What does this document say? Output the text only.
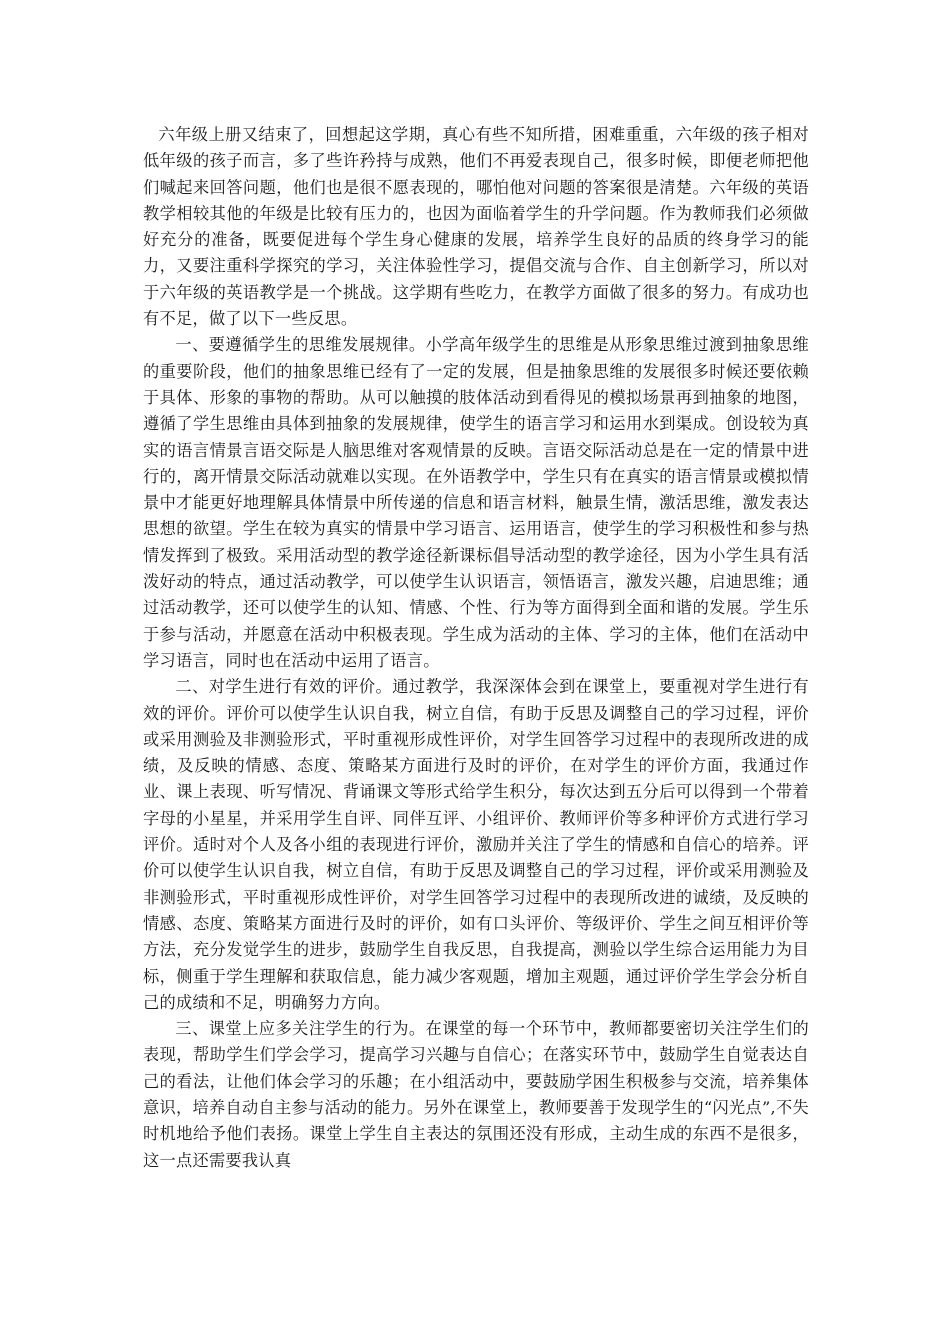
六年级上册又结束了，回想起这学期，真心有些不知所措，困难重重，六年级的孩子相对低年级的孩子而言，多了些许矜持与成熟，他们不再爱表现自己，很多时候，即便老师把他们喊起来回答问题，他们也是很不愿表现的，哪怕他对问题的答案很是清楚。六年级的英语教学相较其他的年级是比较有压力的，也因为面临着学生的升学问题。作为教师我们必须做好充分的准备，既要促进每个学生身心健康的发展，培养学生良好的品质的终身学习的能力，又要注重科学探究的学习，关注体验性学习，提倡交流与合作、自主创新学习，所以对于六年级的英语教学是一个挑战。这学期有些吃力，在教学方面做了很多的努力。有成功也有不足，做了以下一些反思。

一、要遵循学生的思维发展规律。小学高年级学生的思维是从形象思维过渡到抽象思维的重要阶段，他们的抽象思维已经有了一定的发展，但是抽象思维的发展很多时候还要依赖于具体、形象的事物的帮助。从可以触摸的肢体活动到看得见的模拟场景再到抽象的地图，遵循了学生思维由具体到抽象的发展规律，使学生的语言学习和运用水到渠成。创设较为真实的语言情景言语交际是人脑思维对客观情景的反映。言语交际活动总是在一定的情景中进行的，离开情景交际活动就难以实现。在外语教学中，学生只有在真实的语言情景或模拟情景中才能更好地理解具体情景中所传递的信息和语言材料，触景生情，激活思维，激发表达思想的欲望。学生在较为真实的情景中学习语言、运用语言，使学生的学习积极性和参与热情发挥到了极致。采用活动型的教学途径新课标倡导活动型的教学途径，因为小学生具有活泼好动的特点，通过活动教学，可以使学生认识语言，领悟语言，激发兴趣，启迪思维；通过活动教学，还可以使学生的认知、情感、个性、行为等方面得到全面和谐的发展。学生乐于参与活动，并愿意在活动中积极表现。学生成为活动的主体、学习的主体，他们在活动中学习语言，同时也在活动中运用了语言。

二、对学生进行有效的评价。通过教学，我深深体会到在课堂上，要重视对学生进行有效的评价。评价可以使学生认识自我，树立自信，有助于反思及调整自己的学习过程，评价或采用测验及非测验形式，平时重视形成性评价，对学生回答学习过程中的表现所改进的成绩，及反映的情感、态度、策略某方面进行及时的评价，在对学生的评价方面，我通过作业、课上表现、听写情况、背诵课文等形式给学生积分，每次达到五分后可以得到一个带着字母的小星星，并采用学生自评、同伴互评、小组评价、教师评价等多种评价方式进行学习评价。适时对个人及各小组的表现进行评价，激励并关注了学生的情感和自信心的培养。评价可以使学生认识自我，树立自信，有助于反思及调整自己的学习过程，评价或采用测验及非测验形式，平时重视形成性评价，对学生回答学习过程中的表现所改进的诚绩，及反映的情感、态度、策略某方面进行及时的评价，如有口头评价、等级评价、学生之间互相评价等方法，充分发觉学生的进步，鼓励学生自我反思，自我提高，测验以学生综合运用能力为目标，侧重于学生理解和获取信息，能力减少客观题，增加主观题，通过评价学生学会分析自己的成绩和不足，明确努力方向。

三、课堂上应多关注学生的行为。在课堂的每一个环节中，教师都要密切关注学生们的表现，帮助学生们学会学习，提高学习兴趣与自信心；在落实环节中，鼓励学生自觉表达自己的看法，让他们体会学习的乐趣；在小组活动中，要鼓励学困生积极参与交流，培养集体意识，培养自动自主参与活动的能力。另外在课堂上，教师要善于发现学生的“闪光点”,不失时机地给予他们表扬。课堂上学生自主表达的氛围还没有形成，主动生成的东西不是很多，这一点还需要我认真
